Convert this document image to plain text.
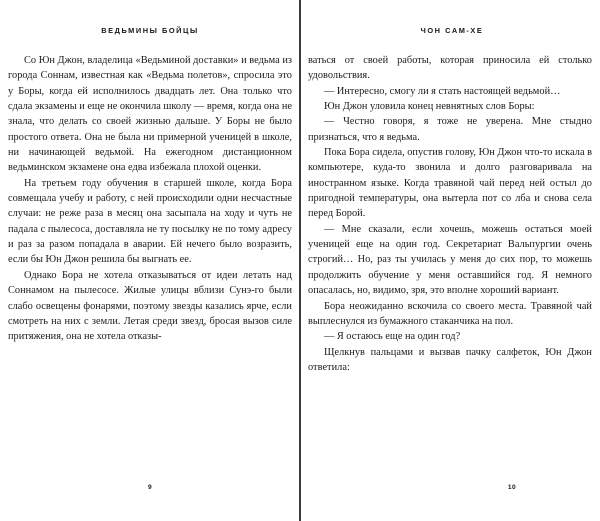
ВЕДЬМИНЫ БОЙЦЫ

Со Юн Джон, владелица «Ведьминой доставки» и ведьма из города Соннам, известная как «Ведьма полетов», спросила это у Боры, когда ей исполнилось двадцать лет. Она только что сдала экзамены и еще не окончила школу — время, когда она не знала, что делать со своей жизнью дальше. У Боры не было простого ответа. Она не была ни примерной ученицей в школе, ни начинающей ведьмой. На ежегодном дистанционном ведьминском экзамене она едва избежала плохой оценки.

На третьем году обучения в старшей школе, когда Бора совмещала учебу и работу, с ней происходили одни несчастные случаи: не реже раза в месяц она засыпала на ходу и чуть не падала с пылесоса, доставляла не ту посылку не по тому адресу и раз за разом попадала в аварии. Ей нечего было возразить, если бы Юн Джон решила бы выгнать ее.

Однако Бора не хотела отказываться от идеи летать над Соннамом на пылесосе. Жилые улицы вблизи Сунэ-го были слабо освещены фонарями, поэтому звезды казались ярче, если смотреть на них с земли. Летая среди звезд, бросая вызов силе притяжения, она не хотела отказы-

9
ЧОН САМ-ХЕ

ваться от своей работы, которая приносила ей столько удовольствия.

— Интересно, смогу ли я стать настоящей ведьмой…

Юн Джон уловила конец невнятных слов Боры:

— Честно говоря, я тоже не уверена. Мне стыдно признаться, что я ведьма.

Пока Бора сидела, опустив голову, Юн Джон что-то искала в компьютере, куда-то звонила и долго разговаривала на иностранном языке. Когда травяной чай перед ней остыл до пригодной температуры, она вытерла пот со лба и снова села перед Борой.

— Мне сказали, если хочешь, можешь остаться моей ученицей еще на один год. Секретариат Вальпургии очень строгий… Но, раз ты училась у меня до сих пор, то можешь продолжить обучение у меня оставшийся год. Я немного опасалась, но, видимо, зря, это вполне хороший вариант.

Бора неожиданно вскочила со своего места. Травяной чай выплеснулся из бумажного стаканчика на пол.

— Я остаюсь еще на один год?

Щелкнув пальцами и вызвав пачку салфеток, Юн Джон ответила:

10
